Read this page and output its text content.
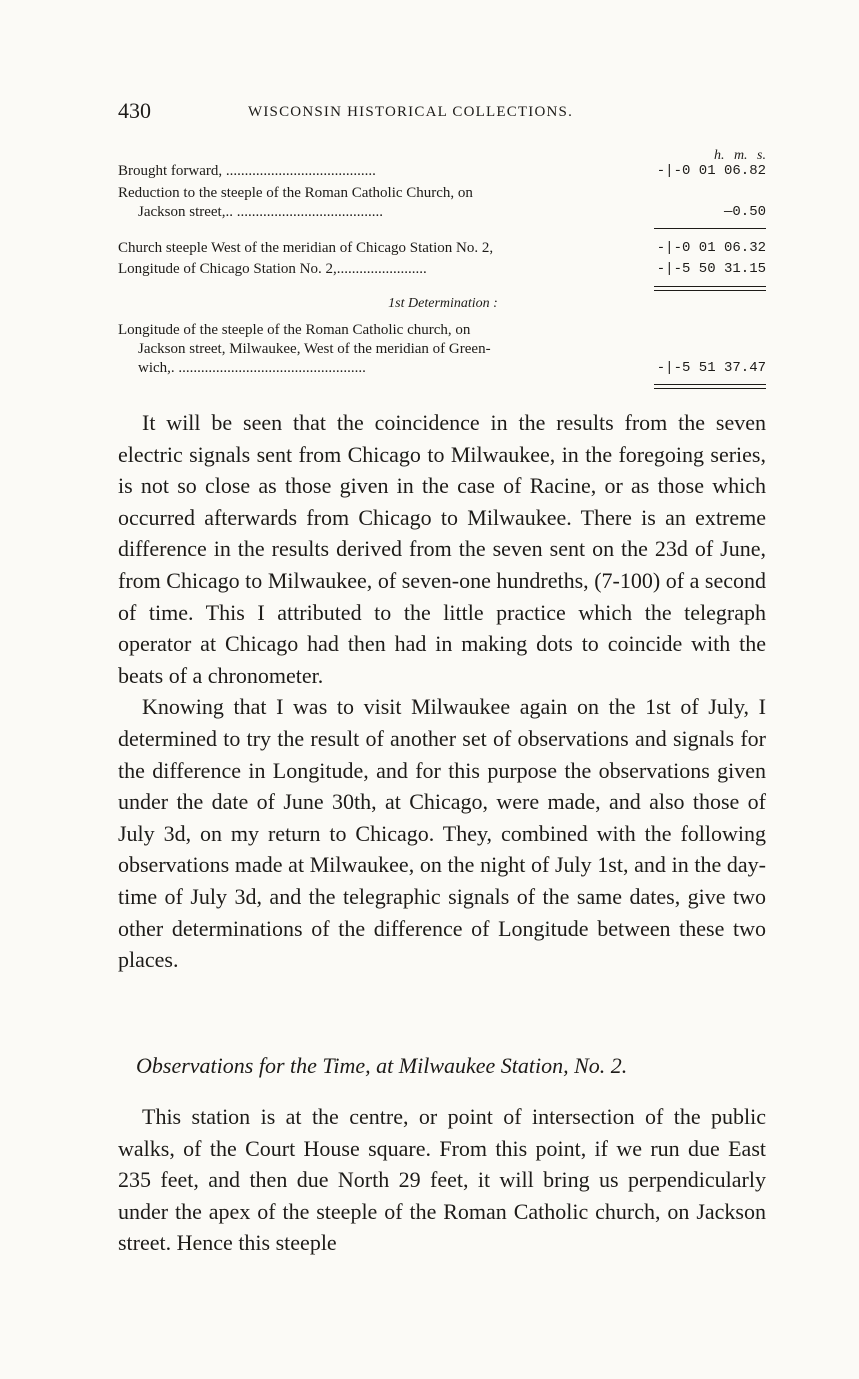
430	WISCONSIN HISTORICAL COLLECTIONS.
h. m. s.
Brought forward, ........................................	-|-0 01 06.82
Reduction to the steeple of the Roman Catholic Church, on
Jackson street,.. .......................................	—0.50
Church steeple West of the meridian of Chicago Station No. 2,	-|-0 01 06.32
Longitude of Chicago Station No. 2,........................	-|-5 50 31.15
1st Determination :
Longitude of the steeple of the Roman Catholic church, on
Jackson street, Milwaukee, West of the meridian of Green-
wich,. ..................................................	-|-5 51 37.47

It will be seen that the coincidence in the results from the seven electric signals sent from Chicago to Milwaukee, in the foregoing series, is not so close as those given in the case of Racine, or as those which occurred afterwards from Chicago to Milwaukee. There is an extreme difference in the results derived from the seven sent on the 23d of June, from Chicago to Milwaukee, of seven-one hundreths, (7-100) of a second of time. This I attributed to the little practice which the telegraph operator at Chicago had then had in making dots to coincide with the beats of a chronometer.

Knowing that I was to visit Milwaukee again on the 1st of July, I determined to try the result of another set of observations and signals for the difference in Longitude, and for this purpose the observations given under the date of June 30th, at Chicago, were made, and also those of July 3d, on my return to Chicago. They, combined with the following observations made at Milwaukee, on the night of July 1st, and in the day-time of July 3d, and the telegraphic signals of the same dates, give two other determinations of the difference of Longitude between these two places.

Observations for the Time, at Milwaukee Station, No. 2.

This station is at the centre, or point of intersection of the public walks, of the Court House square. From this point, if we run due East 235 feet, and then due North 29 feet, it will bring us perpendicularly under the apex of the steeple of the Roman Catholic church, on Jackson street. Hence this steeple
